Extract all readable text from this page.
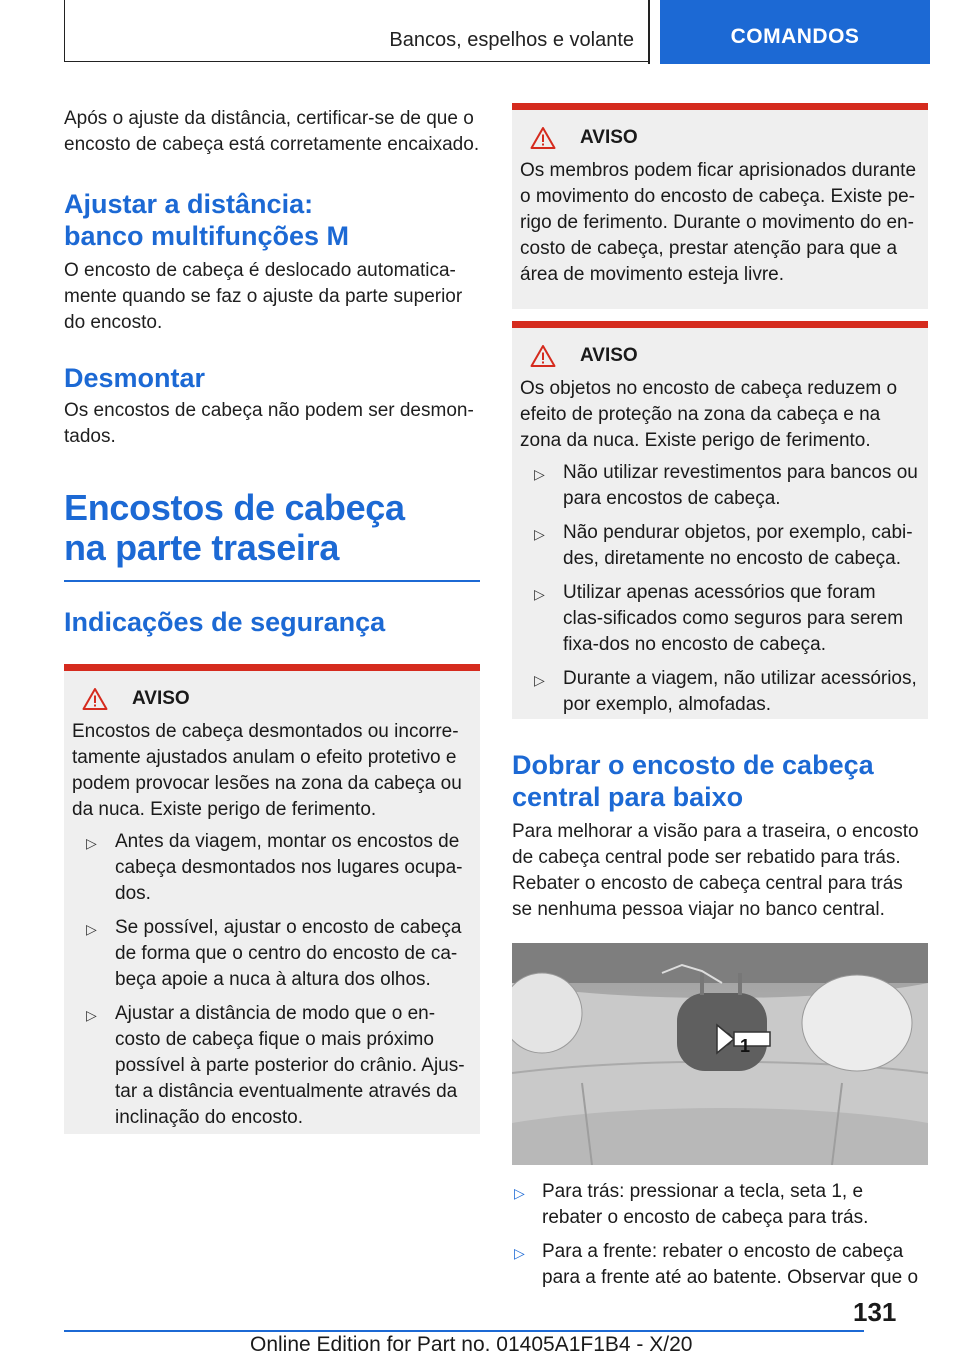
Bancos, espelhos e volante	COMANDOS

Após o ajuste da distância, certificar-se de que o encosto de cabeça está corretamente encaixado.

Ajustar a distância: banco multifunções M

O encosto de cabeça é deslocado automatica-mente quando se faz o ajuste da parte superior do encosto.

Desmontar

Os encostos de cabeça não podem ser desmon-tados.

Encostos de cabeça na parte traseira
Indicações de segurança
AVISO

Encostos de cabeça desmontados ou incorre-tamente ajustados anulam o efeito protetivo e podem provocar lesões na zona da cabeça ou da nuca. Existe perigo de ferimento.

▷ Antes da viagem, montar os encostos de cabeça desmontados nos lugares ocupa-dos.
▷ Se possível, ajustar o encosto de cabeça de forma que o centro do encosto de ca-beça apoie a nuca à altura dos olhos.
▷ Ajustar a distância de modo que o en-costo de cabeça fique o mais próximo possível à parte posterior do crânio. Ajus-tar a distância eventualmente através da inclinação do encosto.
AVISO

Os membros podem ficar aprisionados durante o movimento do encosto de cabeça. Existe pe-rigo de ferimento. Durante o movimento do en-costo de cabeça, prestar atenção para que a área de movimento esteja livre.

AVISO

Os objetos no encosto de cabeça reduzem o efeito de proteção na zona da cabeça e na zona da nuca. Existe perigo de ferimento.

▷ Não utilizar revestimentos para bancos ou para encostos de cabeça.
▷ Não pendurar objetos, por exemplo, cabi-des, diretamente no encosto de cabeça.
▷ Utilizar apenas acessórios que foram clas-sificados como seguros para serem fixa-dos no encosto de cabeça.
▷ Durante a viagem, não utilizar acessórios, por exemplo, almofadas.
Dobrar o encosto de cabeça central para baixo

Para melhorar a visão para a traseira, o encosto de cabeça central pode ser rebatido para trás. Rebater o encosto de cabeça central para trás se nenhuma pessoa viajar no banco central.

1
▷ Para trás: pressionar a tecla, seta 1, e rebater o encosto de cabeça para trás.
▷ Para a frente: rebater o encosto de cabeça para a frente até ao batente. Observar que o
131
Online Edition for Part no. 01405A1F1B4 - X/20
